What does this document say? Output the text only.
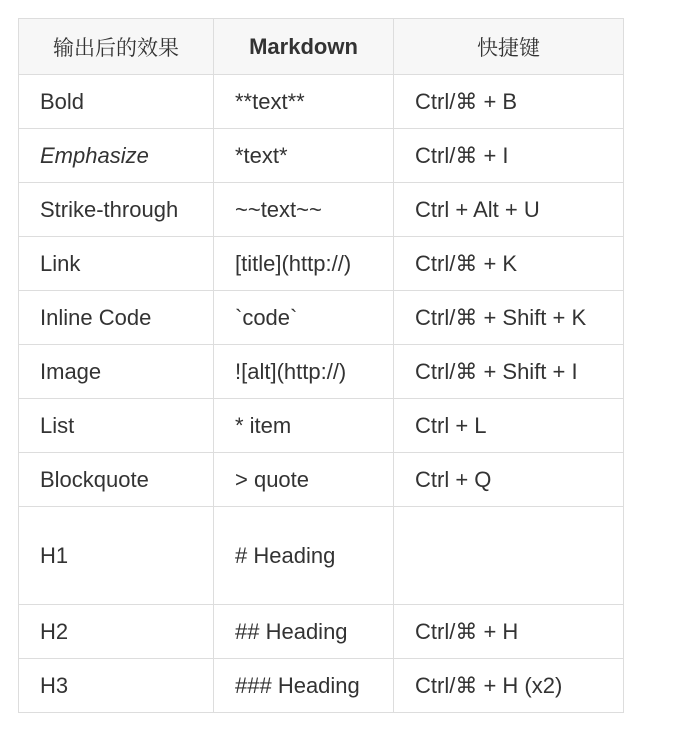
输出后的效果	Markdown	快捷键
Bold	**text**	Ctrl/⌘ + B
Emphasize	*text*	Ctrl/⌘ + I
Strike-through	~~text~~	Ctrl + Alt + U
Link	[title](http://)	Ctrl/⌘ + K
Inline Code	`code`	Ctrl/⌘ + Shift + K
Image	![alt](http://)	Ctrl/⌘ + Shift + I
List	* item	Ctrl + L
Blockquote	> quote	Ctrl + Q
H1	# Heading	
H2	## Heading	Ctrl/⌘ + H
H3	### Heading	Ctrl/⌘ + H (x2)
